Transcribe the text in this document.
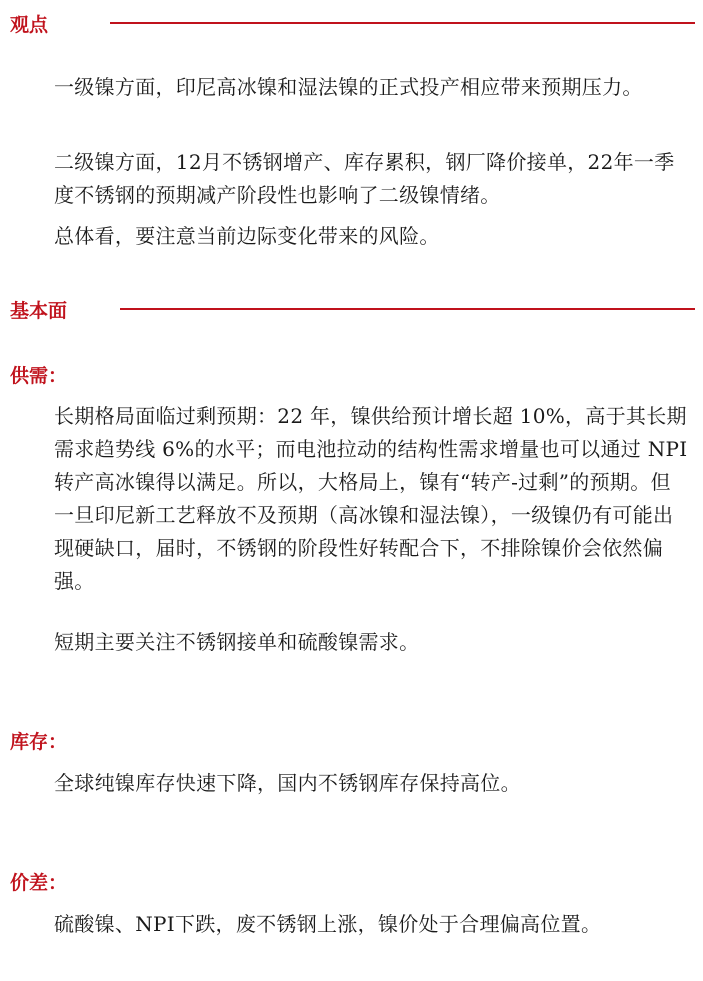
观点

一级镍方面，印尼高冰镍和湿法镍的正式投产相应带来预期压力。

二级镍方面，12月不锈钢增产、库存累积，钢厂降价接单，22年一季度不锈钢的预期减产阶段性也影响了二级镍情绪。

总体看，要注意当前边际变化带来的风险。

基本面
供需：

长期格局面临过剩预期：22 年，镍供给预计增长超 10%，高于其长期需求趋势线 6%的水平；而电池拉动的结构性需求增量也可以通过 NPI 转产高冰镍得以满足。所以，大格局上，镍有“转产-过剩”的预期。但一旦印尼新工艺释放不及预期（高冰镍和湿法镍），一级镍仍有可能出现硬缺口，届时，不锈钢的阶段性好转配合下，不排除镍价会依然偏强。

短期主要关注不锈钢接单和硫酸镍需求。

库存：

全球纯镍库存快速下降，国内不锈钢库存保持高位。

价差：

硫酸镍、NPI下跌，废不锈钢上涨，镍价处于合理偏高位置。
